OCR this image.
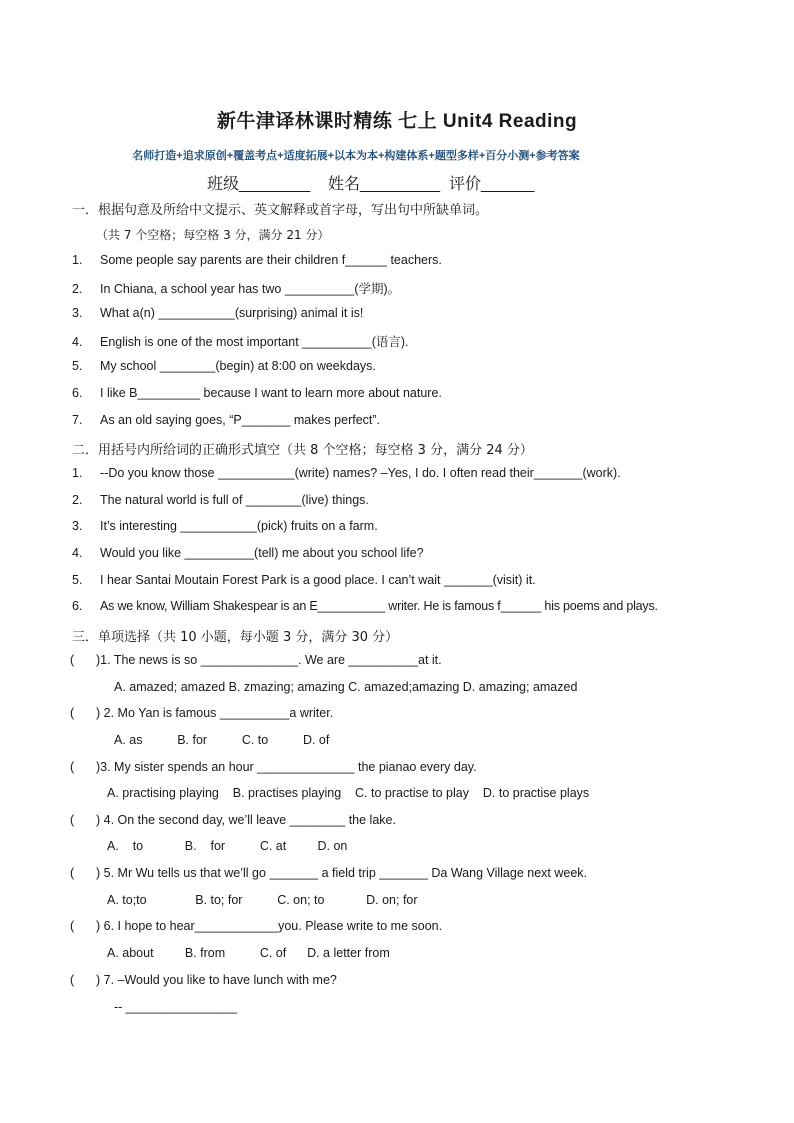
新牛津译林课时精练 七上 Unit4 Reading
名师打造+追求原创+覆盖考点+适度拓展+以本为本+构建体系+题型多样+百分小测+参考答案
班级________    姓名_________  评价______
一．根据句意及所给中文提示、英文解释或首字母，写出句中所缺单词。
（共 7 个空格；每空格 3 分，满分 21 分）
1. Some people say parents are their children f______ teachers.
2. In Chiana, a school year has two __________(学期)。
3. What a(n) ___________(surprising) animal it is!
4. English is one of the most important __________(语言).
5. My school ________(begin) at 8:00 on weekdays.
6. I like B_________ because I want to learn more about nature.
7. As an old saying goes, “P_______ makes perfect”.
二．用括号内所给词的正确形式填空（共 8 个空格；每空格 3 分，满分 24 分）
1. --Do you know those ___________(write) names? –Yes, I do. I often read their_______(work).
2. The natural world is full of ________(live) things.
3. It’s interesting ___________(pick) fruits on a farm.
4. Would you like __________(tell) me about you school life?
5. I hear Santai Moutain Forest Park is a good place. I can’t wait _______(visit) it.
6. As we know, William Shakespear is an E__________ writer. He is famous f______ his poems and plays.
三．单项选择（共 10 小题，每小题 3 分，满分 30 分）
( )1. The news is so ______________. We are __________at it.
A. amazed; amazed B. zmazing; amazing C. amazed;amazing D. amazing; amazed
( ) 2. Mo Yan is famous __________a writer.
A. as          B. for          C. to          D. of
( )3. My sister spends an hour ______________ the pianao every day.
A. practising playing    B. practises playing    C. to practise to play    D. to practise plays
( ) 4. On the second day, we’ll leave ________ the lake.
A.    to            B.    for          C. at         D. on
( ) 5. Mr Wu tells us that we’ll go _______ a field trip _______ Da Wang Village next week.
A. to;to              B. to; for          C. on; to            D. on; for
( ) 6. I hope to hear____________you. Please write to me soon.
A. about         B. from          C. of      D. a letter from
( ) 7. –Would you like to have lunch with me?
-- ________________
